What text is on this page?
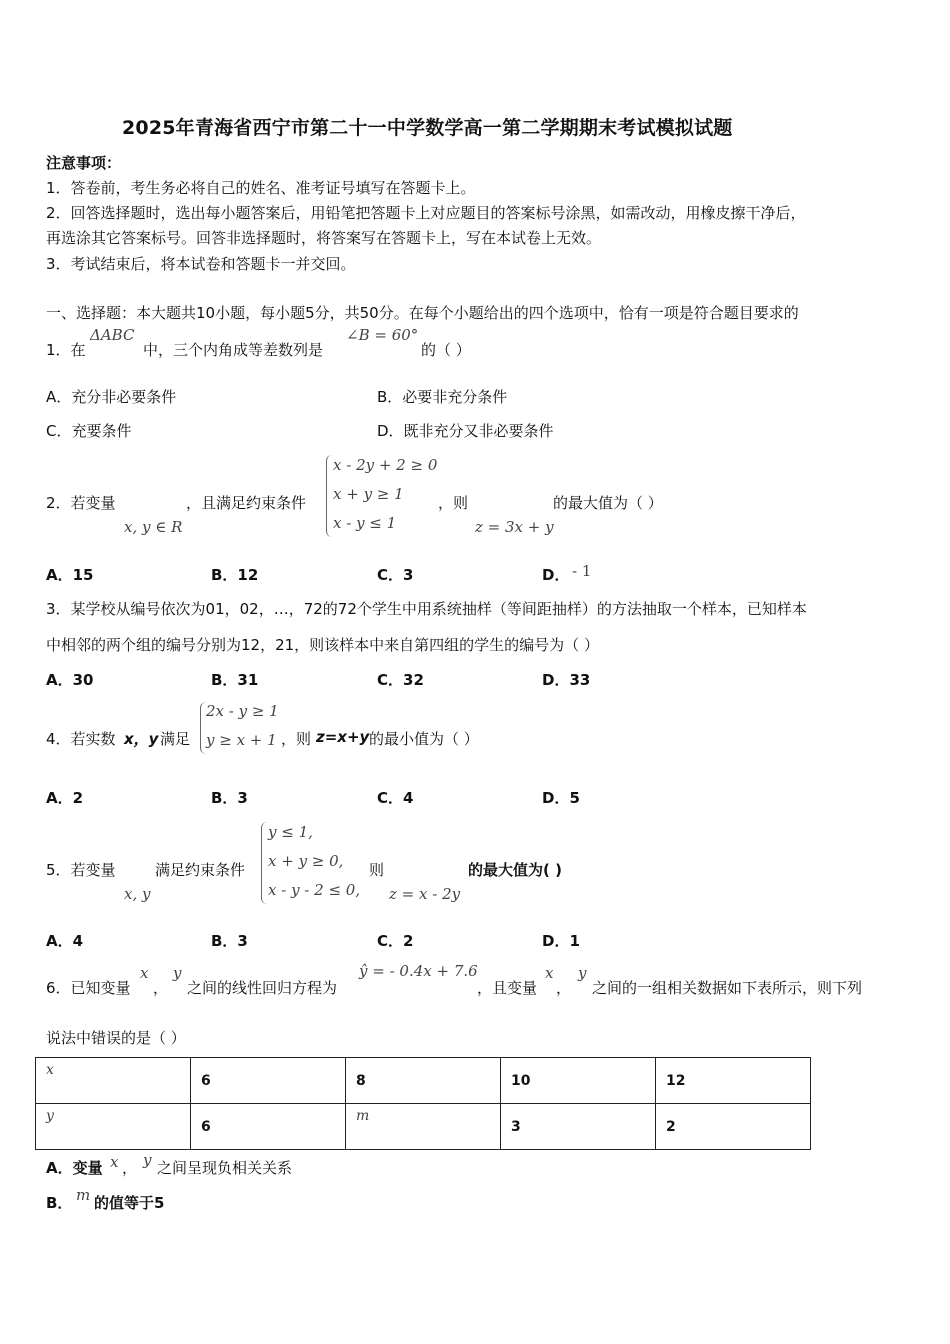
2025年青海省西宁市第二十一中学数学高一第二学期期末考试模拟试题
注意事项：
1．答卷前，考生务必将自己的姓名、准考证号填写在答题卡上。
2．回答选择题时，选出每小题答案后，用铅笔把答题卡上对应题目的答案标号涂黑，如需改动，用橡皮擦干净后，
再选涂其它答案标号。回答非选择题时，将答案写在答题卡上，写在本试卷上无效。
3．考试结束后，将本试卷和答题卡一并交回。
一、选择题：本大题共10小题，每小题5分，共50分。在每个小题给出的四个选项中，恰有一项是符合题目要求的
1．在
ΔABC
中，三个内角成等差数列是
∠B = 60°
的（ ）
A．充分非必要条件	B．必要非充分条件
C．充要条件	D．既非充分又非必要条件
2．若变量
x, y ∈ R
，且满足约束条件
x - 2y + 2 ≥ 0
x + y ≥ 1
x - y ≤ 1
，则
z = 3x + y
的最大值为（ ）
A．15	B．12	C．3	D． - 1
3．某学校从编号依次为01，02，…，72的72个学生中用系统抽样（等间距抽样）的方法抽取一个样本，已知样本
中相邻的两个组的编号分别为12，21，则该样本中来自第四组的学生的编号为（ ）
A．30	B．31	C．32	D．33
4．若实数 x，y 满足
2x - y ≥ 1
y ≥ x + 1 ，则 z=x+y 的最小值为（ ）
A．2	B．3	C．4	D．5
5．若变量
x, y
满足约束条件
y ≤ 1,
x + y ≥ 0,
x - y - 2 ≤ 0,
则
z = x - 2y
的最大值为( )
A．4	B．3	C．2	D．1
6．已知变量
x
，
y
之间的线性回归方程为
ŷ = - 0.4x + 7.6
，且变量
x
，
y
之间的一组相关数据如下表所示，则下列
说法中错误的是（ ）
x	6	8	10	12
y	6	m	3	2
A．变量 x ， y 之间呈现负相关关系
B． m 的值等于5
